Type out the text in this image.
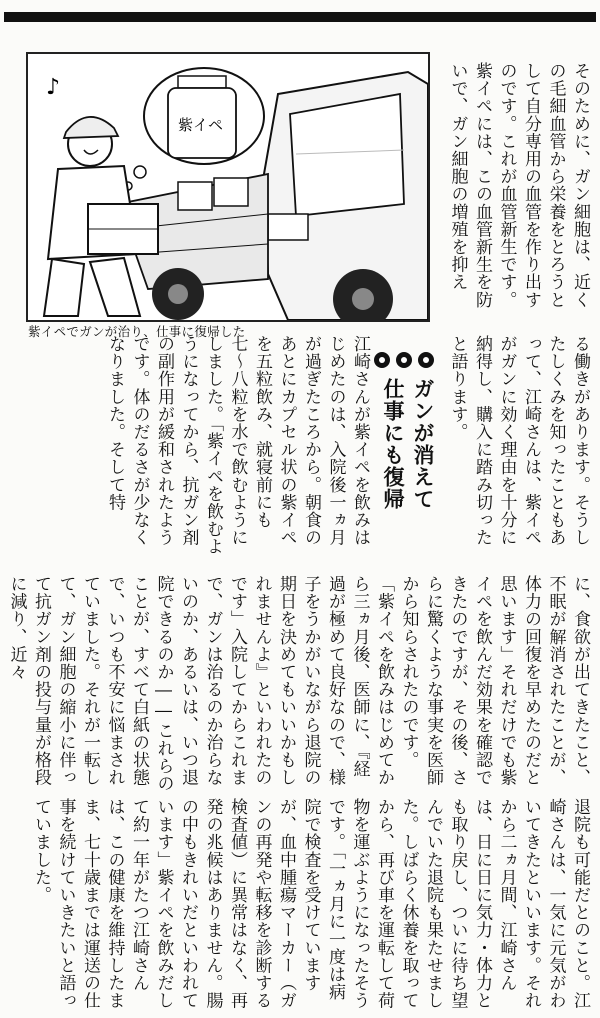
♪
紫イペ
紫イペでガンが治り、仕事に復帰した

そのために、ガン細胞は、近くの毛細血管から栄養をとろうとして自分専用の血管を作り出すのです。これが血管新生です。紫イペには、この血管新生を防いで、ガン細胞の増殖を抑え

ガンが消えて
仕事にも復帰	る働きがあります。そうしたしくみを知ったこともあって、江崎さんは、紫イペがガンに効く理由を十分に納得し、購入に踏み切ったと語ります。

江崎さんが紫イペを飲みはじめたのは、入院後一ヵ月が過ぎたころから。朝食のあとにカプセル状の紫イペを五粒飲み、就寝前にも七〜八粒を水で飲むようにしました。「紫イペを飲むようになってから、抗ガン剤の副作用が緩和されたようです。体のだるさが少なくなりました。そして特

に、食欲が出てきたこと、不眠が解消されたことが、体力の回復を早めたのだと思います」それだけでも紫イペを飲んだ効果を確認できたのですが、その後、さらに驚くような事実を医師から知らされたのです。「紫イペを飲みはじめてから三ヵ月後、医師に、『経過が極めて良好なので、様子をうかがいながら退院の期日を決めてもいいかもしれませんよ』といわれたのです」入院してからこれまで、ガンは治るのか治らないのか、あるいは、いつ退院できるのか――これらのことが、すべて白紙の状態で、いつも不安に悩まされていました。それが一転して、ガン細胞の縮小に伴って抗ガン剤の投与量が格段に減り、近々

退院も可能だとのこと。江崎さんは、一気に元気がわいてきたといいます。それから二ヵ月間、江崎さんは、日に日に気力・体力とも取り戻し、ついに待ち望んでいた退院も果たせました。しばらく休養を取ってから、再び車を運転して荷物を運ぶようになったそうです。「一ヵ月に一度は病院で検査を受けていますが、血中腫瘍マーカー（ガンの再発や転移を診断する検査値）に異常はなく、再発の兆候はありません。腸の中もきれいだといわれています」紫イペを飲みだして約一年がたつ江崎さんは、この健康を維持したまま、七十歳までは運送の仕事を続けていきたいと語っていました。
